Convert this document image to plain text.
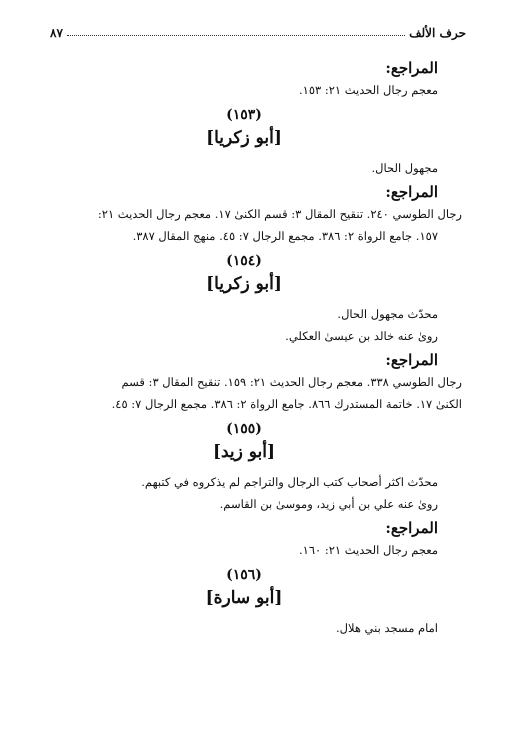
حرف الألف
٨٧
المراجع:
معجم رجال الحديث ٢١: ١٥٣.
(١٥٣)
[أبو زكريا]
مجهول الحال.
المراجع:
رجال الطوسي ٢٤٠. تنقيح المقال ٣: قسم الكنىٰ ١٧. معجم رجال الحديث ٢١:
١٥٧. جامع الرواة ٢: ٣٨٦. مجمع الرجال ٧: ٤٥. منهج المقال ٣٨٧.
(١٥٤)
[أبو زكريا]
محدّث مجهول الحال.
رویٰ عنه خالد بن عيسیٰ العكلي.
المراجع:
رجال الطوسي ٣٣٨. معجم رجال الحديث ٢١: ١٥٩. تنقيح المقال ٣: قسم
الكنىٰ ١٧. خاتمة المستدرك ٨٦٦. جامع الرواة ٢: ٣٨٦. مجمع الرجال ٧: ٤٥.
(١٥٥)
[أبو زيد]
محدّث اكثر أصحاب كتب الرجال والتراجم لم يذكروه في كتبهم.
رویٰ عنه علي بن أبي زيد، وموسیٰ بن القاسم.
المراجع:
معجم رجال الحديث ٢١: ١٦٠.
(١٥٦)
[أبو سارة]
امام مسجد بني هلال.
